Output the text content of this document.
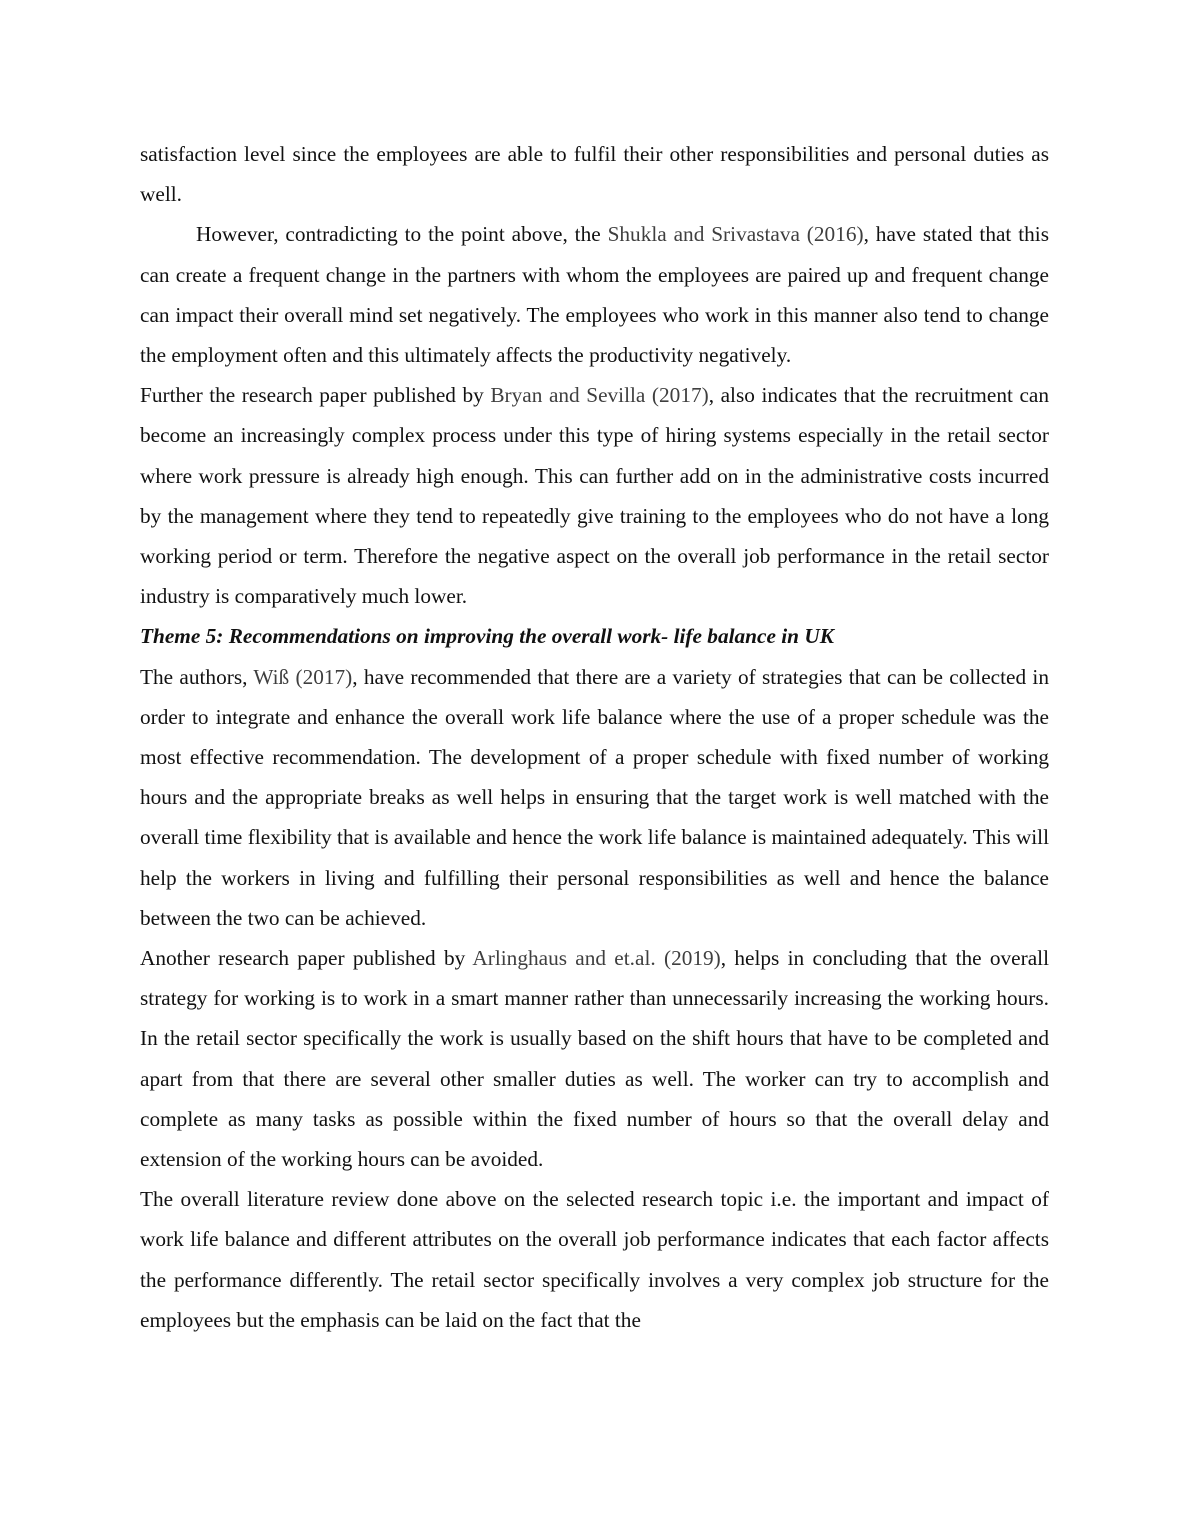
satisfaction level since the employees are able to fulfil their other responsibilities and personal duties as well.

However, contradicting to the point above, the Shukla and Srivastava (2016), have stated that this can create a frequent change in the partners with whom the employees are paired up and frequent change can impact their overall mind set negatively. The employees who work in this manner also tend to change the employment often and this ultimately affects the productivity negatively.

Further the research paper published by Bryan and Sevilla (2017), also indicates that the recruitment can become an increasingly complex process under this type of hiring systems especially in the retail sector where work pressure is already high enough. This can further add on in the administrative costs incurred by the management where they tend to repeatedly give training to the employees who do not have a long working period or term. Therefore the negative aspect on the overall job performance in the retail sector industry is comparatively much lower.

Theme 5: Recommendations on improving the overall work- life balance in UK

The authors, Wiß (2017), have recommended that there are a variety of strategies that can be collected in order to integrate and enhance the overall work life balance where the use of a proper schedule was the most effective recommendation. The development of a proper schedule with fixed number of working hours and the appropriate breaks as well helps in ensuring that the target work is well matched with the overall time flexibility that is available and hence the work life balance is maintained adequately. This will help the workers in living and fulfilling their personal responsibilities as well and hence the balance between the two can be achieved.

Another research paper published by Arlinghaus and et.al. (2019), helps in concluding that the overall strategy for working is to work in a smart manner rather than unnecessarily increasing the working hours. In the retail sector specifically the work is usually based on the shift hours that have to be completed and apart from that there are several other smaller duties as well. The worker can try to accomplish and complete as many tasks as possible within the fixed number of hours so that the overall delay and extension of the working hours can be avoided.

The overall literature review done above on the selected research topic i.e. the important and impact of work life balance and different attributes on the overall job performance indicates that each factor affects the performance differently. The retail sector specifically involves a very complex job structure for the employees but the emphasis can be laid on the fact that the
